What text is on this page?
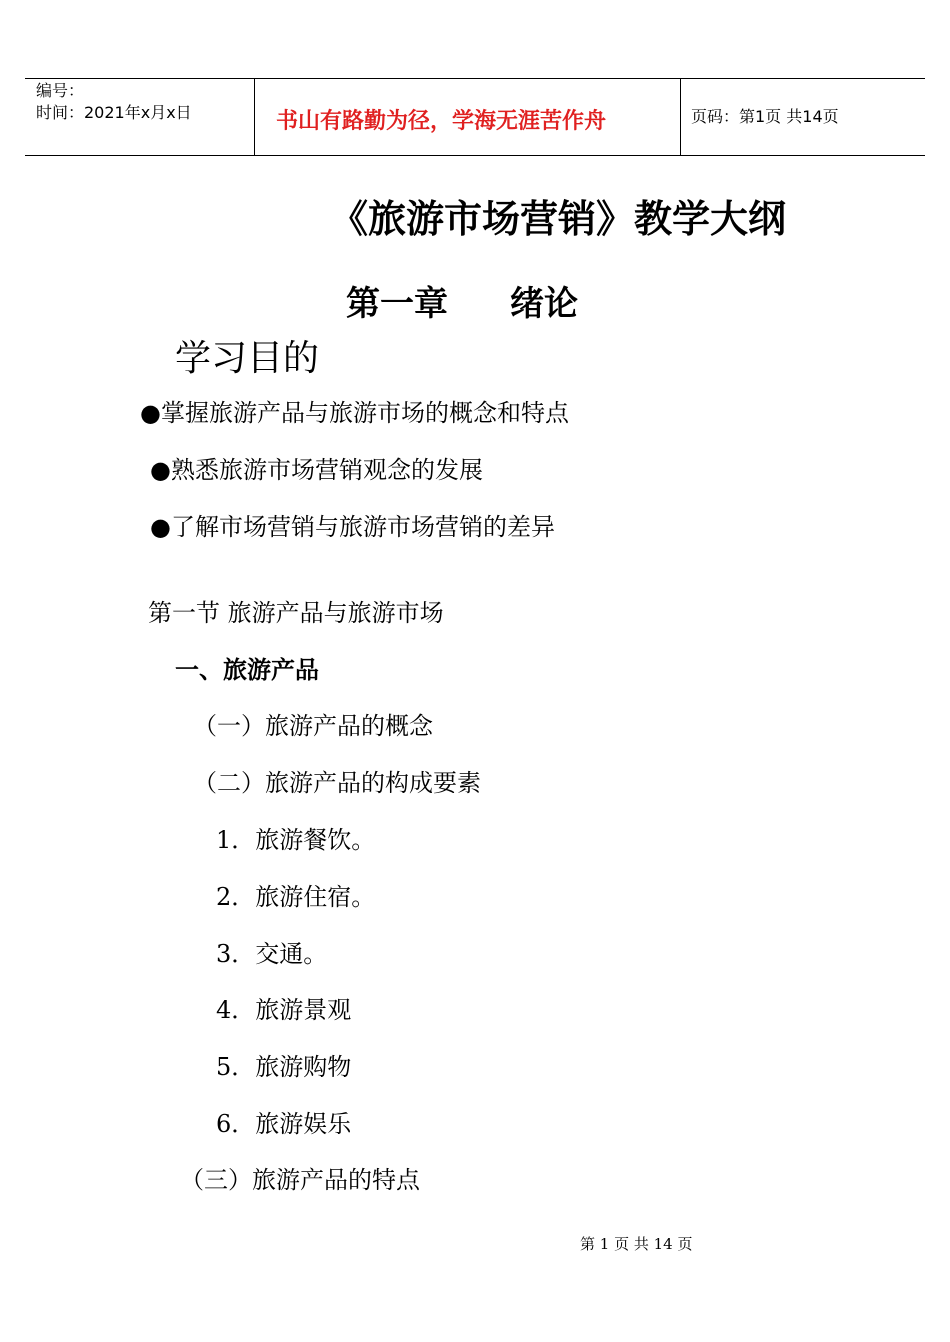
编号：
时间：2021年x月x日	书山有路勤为径，学海无涯苦作舟	页码：第1页 共14页
《旅游市场营销》教学大纲
第一章 绪论
学习目的
●掌握旅游产品与旅游市场的概念和特点
●熟悉旅游市场营销观念的发展
●了解市场营销与旅游市场营销的差异
第一节 旅游产品与旅游市场
一、旅游产品
（一）旅游产品的概念
（二）旅游产品的构成要素
1．旅游餐饮。
2．旅游住宿。
3．交通。
4．旅游景观
5．旅游购物
6．旅游娱乐
（三）旅游产品的特点
第 1 页 共 14 页
